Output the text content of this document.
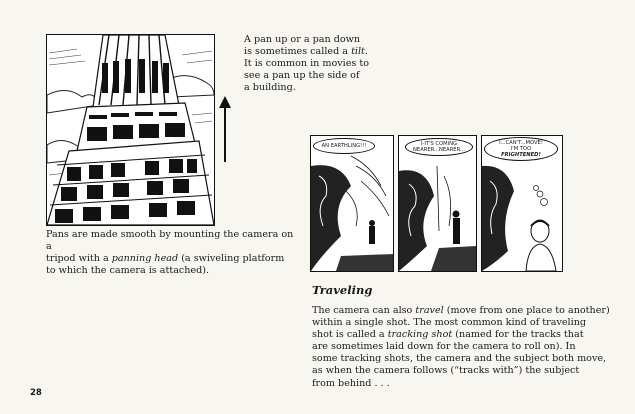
A pan up or a pan down
is sometimes called a tilt.
It is common in movies to
see a pan up the side of
a building.
Pans are made smooth by mounting the camera on a
tripod with a panning head (a swiveling platform
to which the camera is attached).
AN EARTHLING!!!	I-IT'S COMING
NEARER...NEARER...
I...CAN'T...MOVE!
I'M TOO
FRIGHTENED!
Traveling
The camera can also travel (move from one place to another)
within a single shot. The most common kind of traveling
shot is called a tracking shot (named for the tracks that
are sometimes laid down for the camera to roll on). In
some tracking shots, the camera and the subject both move,
as when the camera follows (“tracks with”) the subject
from behind . . .
28
